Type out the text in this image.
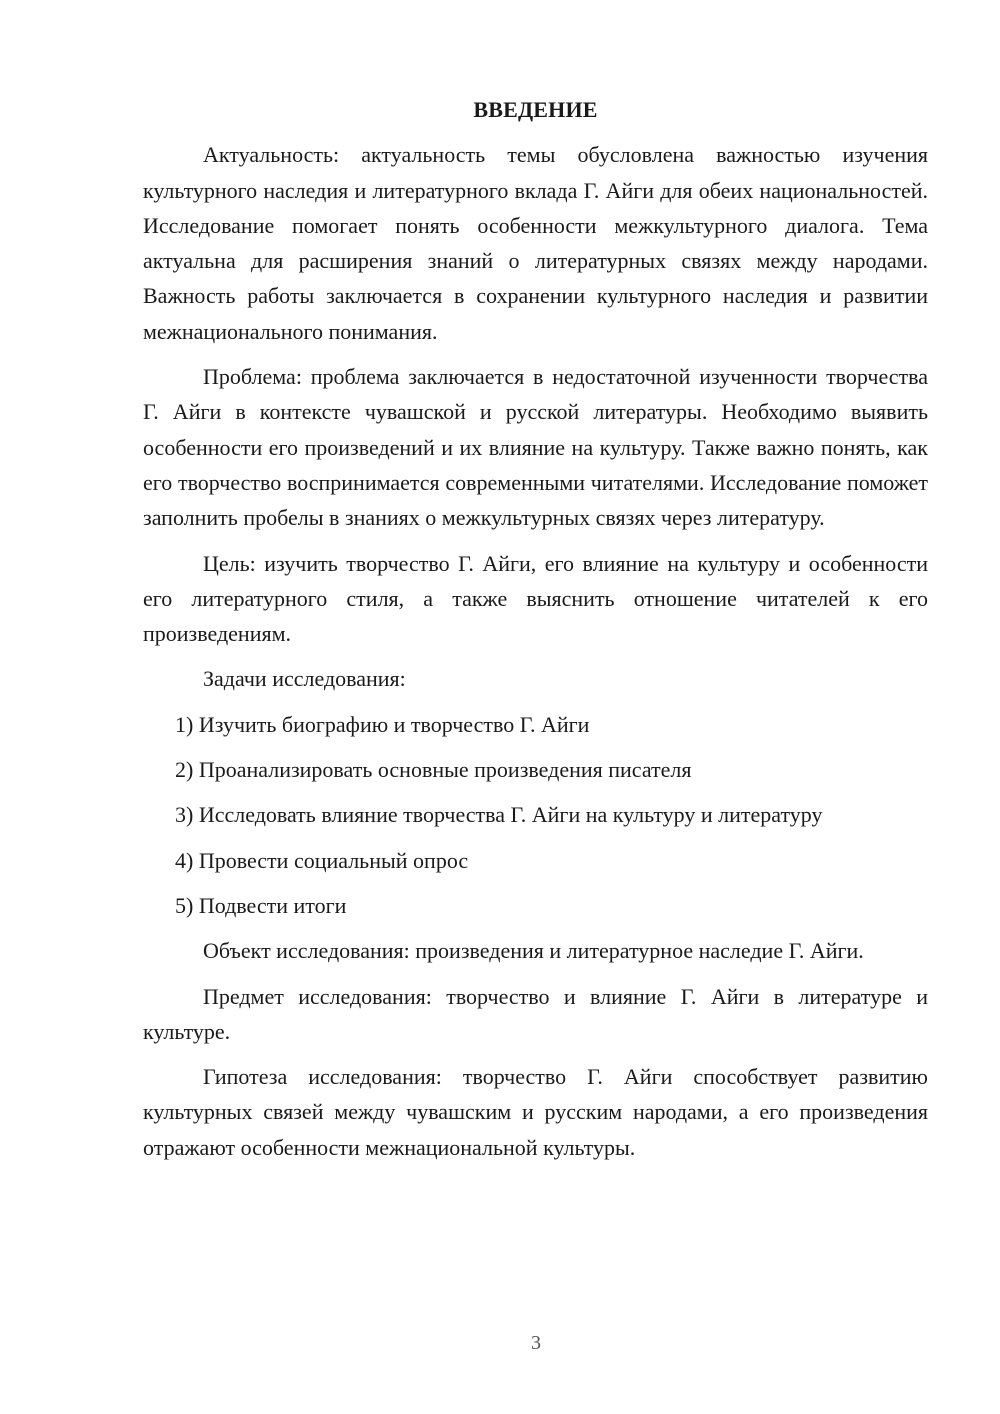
ВВЕДЕНИЕ

Актуальность: актуальность темы обусловлена важностью изучения культурного наследия и литературного вклада Г. Айги для обеих национальностей. Исследование помогает понять особенности межкультурного диалога. Тема актуальна для расширения знаний о литературных связях между народами. Важность работы заключается в сохранении культурного наследия и развитии межнационального понимания.

Проблема: проблема заключается в недостаточной изученности творчества Г. Айги в контексте чувашской и русской литературы. Необходимо выявить особенности его произведений и их влияние на культуру. Также важно понять, как его творчество воспринимается современными читателями. Исследование поможет заполнить пробелы в знаниях о межкультурных связях через литературу.

Цель: изучить творчество Г. Айги, его влияние на культуру и особенности его литературного стиля, а также выяснить отношение читателей к его произведениям.

Задачи исследования:

1) Изучить биографию и творчество Г. Айги
2) Проанализировать основные произведения писателя
3) Исследовать влияние творчества Г. Айги на культуру и литературу
4) Провести социальный опрос
5) Подвести итоги

Объект исследования: произведения и литературное наследие Г. Айги.

Предмет исследования: творчество и влияние Г. Айги в литературе и культуре.

Гипотеза исследования: творчество Г. Айги способствует развитию культурных связей между чувашским и русским народами, а его произведения отражают особенности межнациональной культуры.

3
